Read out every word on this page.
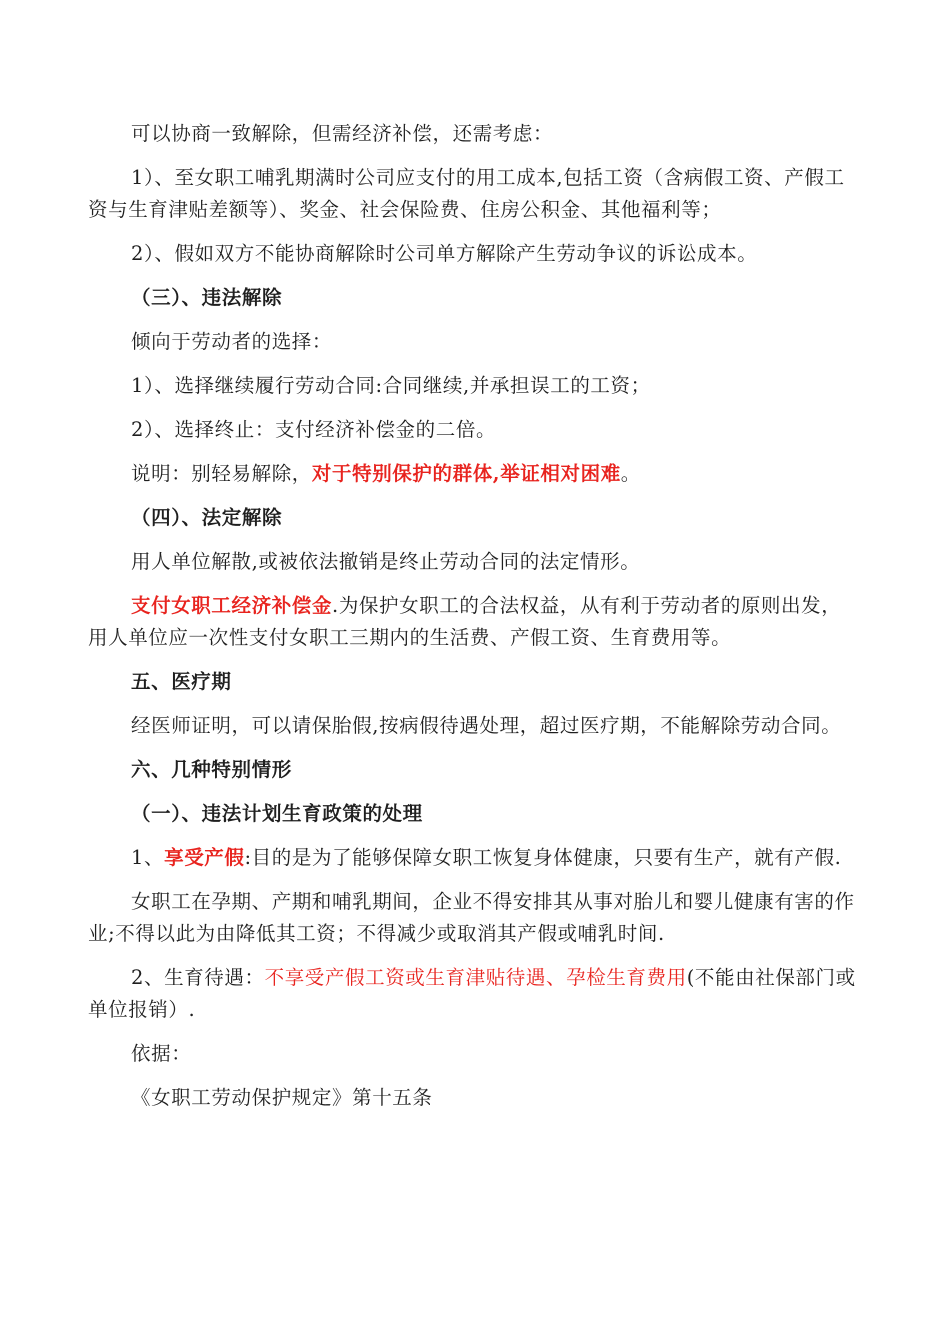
可以协商一致解除，但需经济补偿，还需考虑：

1）、至女职工哺乳期满时公司应支付的用工成本,包括工资（含病假工资、产假工资与生育津贴差额等）、奖金、社会保险费、住房公积金、其他福利等；

2）、假如双方不能协商解除时公司单方解除产生劳动争议的诉讼成本。

（三）、违法解除

倾向于劳动者的选择：

1）、选择继续履行劳动合同:合同继续,并承担误工的工资；

2）、选择终止：支付经济补偿金的二倍。

说明：别轻易解除，对于特别保护的群体,举证相对困难。

（四）、法定解除

用人单位解散,或被依法撤销是终止劳动合同的法定情形。

支付女职工经济补偿金.为保护女职工的合法权益，从有利于劳动者的原则出发，用人单位应一次性支付女职工三期内的生活费、产假工资、生育费用等。

五、医疗期

经医师证明，可以请保胎假,按病假待遇处理，超过医疗期，不能解除劳动合同。

六、几种特别情形

（一）、违法计划生育政策的处理

1、享受产假:目的是为了能够保障女职工恢复身体健康，只要有生产，就有产假.

女职工在孕期、产期和哺乳期间，企业不得安排其从事对胎儿和婴儿健康有害的作业;不得以此为由降低其工资；不得减少或取消其产假或哺乳时间.

2、生育待遇：不享受产假工资或生育津贴待遇、孕检生育费用(不能由社保部门或单位报销）.

依据：

《女职工劳动保护规定》第十五条
